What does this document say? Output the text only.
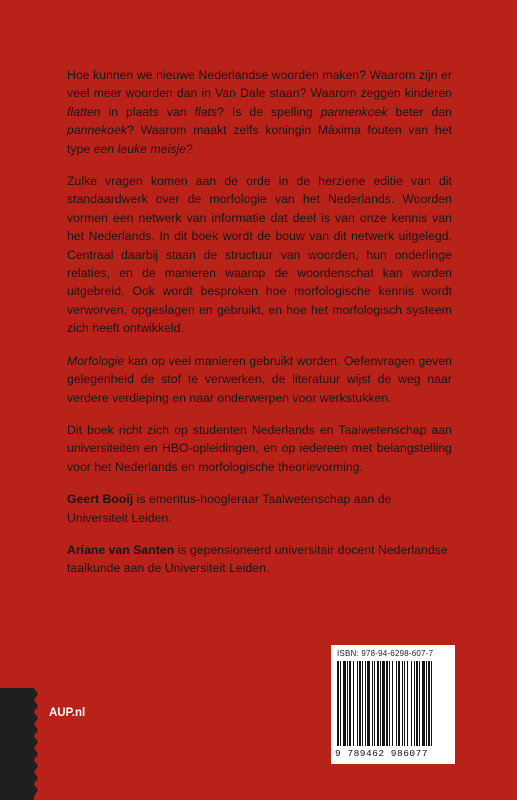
Hoe kunnen we nieuwe Nederlandse woorden maken? Waarom zijn er veel meer woorden dan in Van Dale staan? Waarom zeggen kinderen flatten in plaats van flats? Is de spelling pannenkoek beter dan pannekoek? Waarom maakt zelfs koningin Máxima fouten van het type een leuke meisje?

Zulke vragen komen aan de orde in de herziene editie van dit standaardwerk over de morfologie van het Nederlands. Woorden vormen een netwerk van informatie dat deel is van onze kennis van het Nederlands. In dit boek wordt de bouw van dit netwerk uitgelegd. Centraal daarbij staan de structuur van woorden, hun onderlinge relaties, en de manieren waarop de woordenschat kan worden uitgebreid. Ook wordt besproken hoe morfologische kennis wordt verworven, opgeslagen en gebruikt, en hoe het morfologisch systeem zich heeft ontwikkeld.

Morfologie kan op veel manieren gebruikt worden. Oefenvragen geven gelegenheid de stof te verwerken, de literatuur wijst de weg naar verdere verdieping en naar onderwerpen voor werkstukken.

Dit boek richt zich op studenten Nederlands en Taalwetenschap aan universiteiten en HBO-opleidingen, en op iedereen met belangstelling voor het Nederlands en morfologische theorievorming.

Geert Booij is emeritus-hoogleraar Taalwetenschap aan de Universiteit Leiden.

Ariane van Santen is gepensioneerd universitair docent Nederlandse taalkunde aan de Universiteit Leiden.

ISBN: 978-94-6298-607-7
9 789462 986077
AUP.nl
